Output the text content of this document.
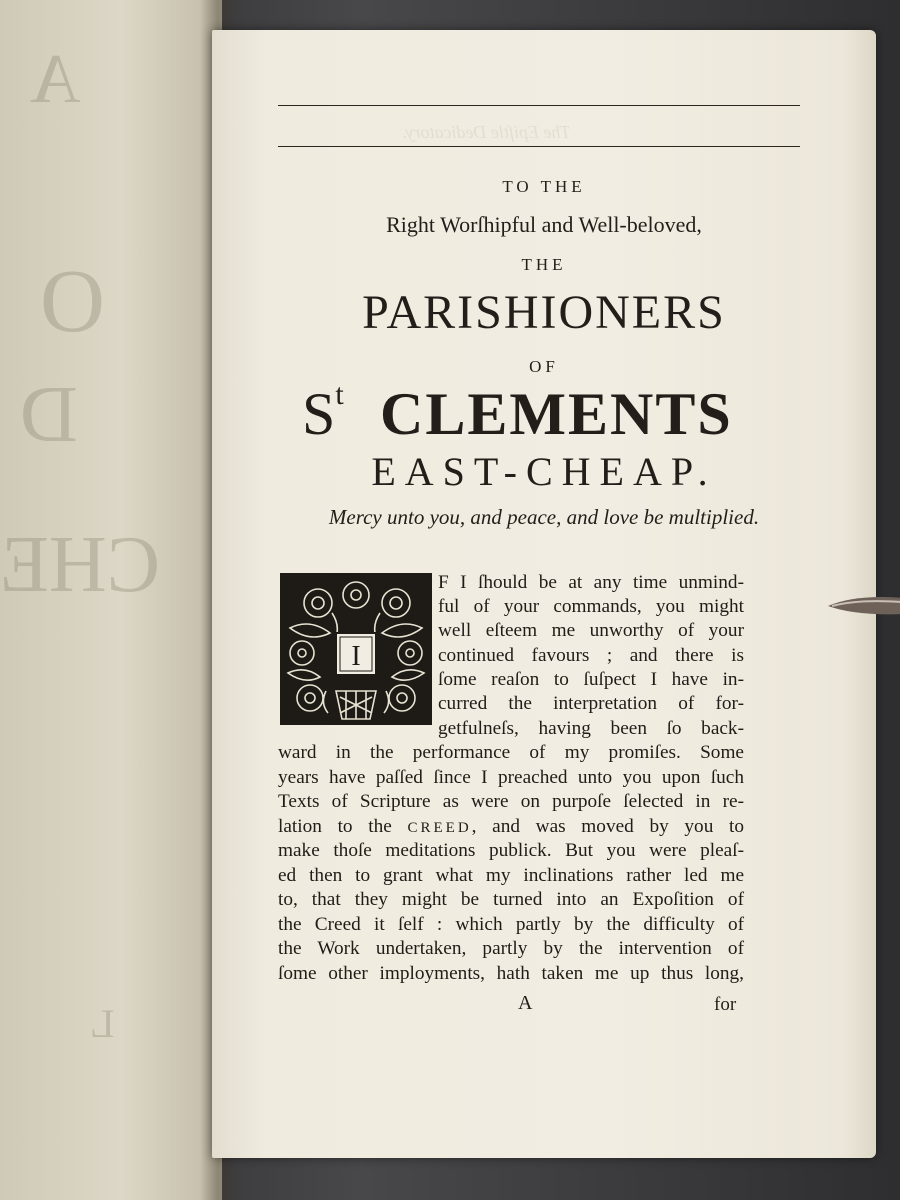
A
O
D
CHE
L
The Epiſtle Dedicatory.
TO THE
Right Worſhipful and Well-beloved,
THE
PARISHIONERS
OF
$S^t$ CLEMENTS
EAST-CHEAP.
Mercy unto you, and peace, and love be multiplied.
I
F I ſhould be at any time unmind-
ful of your commands, you might
well eſteem me unworthy of your
continued favours ; and there is
ſome reaſon to ſuſpect I have in-
curred the interpretation of for-
getfulneſs, having been ſo back-
ward in the performance of my promiſes. Some
years have paſſed ſince I preached unto you upon ſuch
Texts of Scripture as were on purpoſe ſelected in re-
lation to the CREED, and was moved by you to
make thoſe meditations publick. But you were pleaſ-
ed then to grant what my inclinations rather led me
to, that they might be turned into an Expoſition of
the Creed it ſelf : which partly by the difficulty of
the Work undertaken, partly by the intervention of
ſome other imployments, hath taken me up thus long,
A	for
